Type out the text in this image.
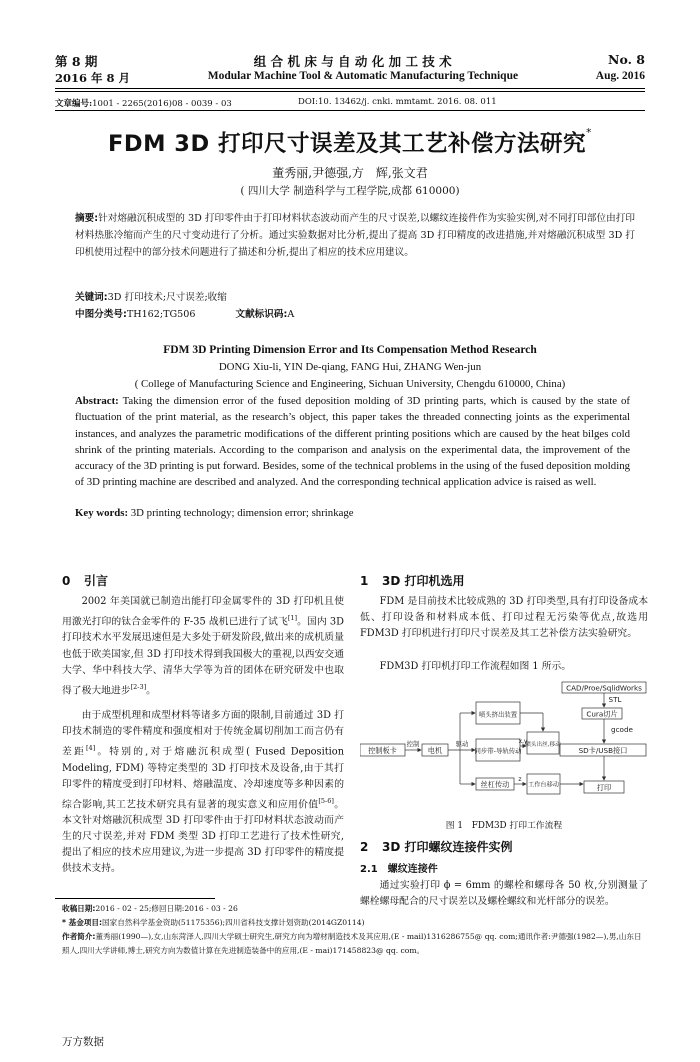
第 8 期	组 合 机 床 与 自 动 化 加 工 技 术	No. 8
2016 年 8 月	Modular Machine Tool & Automatic Manufacturing Technique	Aug. 2016
文章编号:1001 - 2265(2016)08 - 0039 - 03	DOI:10. 13462/j. cnki. mmtamt. 2016. 08. 011
FDM 3D 打印尺寸误差及其工艺补偿方法研究*
董秀丽,尹德强,方　辉,张文君
( 四川大学 制造科学与工程学院,成都 610000)
摘要:针对熔融沉积成型的 3D 打印零件由于打印材料状态波动而产生的尺寸误差,以螺纹连接件作为实验实例,对不同打印部位由打印材料热胀冷缩而产生的尺寸变动进行了分析。通过实验数据对比分析,提出了提高 3D 打印精度的改进措施,并对熔融沉积成型 3D 打印机使用过程中的部分技术问题进行了描述和分析,提出了相应的技术应用建议。
关键词:3D 打印技术;尺寸误差;收缩
中图分类号:TH162;TG506	文献标识码:A
FDM 3D Printing Dimension Error and Its Compensation Method Research
DONG Xiu-li, YIN De-qiang, FANG Hui, ZHANG Wen-jun
( College of Manufacturing Science and Engineering, Sichuan University, Chengdu 610000, China)
Abstract: Taking the dimension error of the fused deposition molding of 3D printing parts, which is caused by the state of fluctuation of the print material, as the research’s object, this paper takes the threaded connecting joints as the experimental instances, and analyzes the parametric modifications of the different printing positions which are caused by the heat bilges cold shrink of the printing materials. According to the comparison and analysis on the experimental data, the improvement of the accuracy of the 3D printing is put forward. Besides, some of the technical problems in the using of the fused deposition molding of 3D printing machine are described and analyzed. And the corresponding technical application advice is raised as well.
Key words: 3D printing technology; dimension error; shrinkage
0 引言
2002 年美国就已制造出能打印金属零件的 3D 打印机且使用激光打印的钛合金零件的 F-35 战机已进行了试飞[1]。国内 3D 打印技术水平发展迅速但是大多处于研发阶段,做出来的成机质量也低于欧美国家,但 3D 打印技术得到我国极大的重视,以西安交通大学、华中科技大学、清华大学等为首的团体在研究研发中也取得了极大地进步[2-3]。
由于成型机理和成型材料等诸多方面的限制,目前通过 3D 打印技术制造的零件精度和强度相对于传统金属切削加工而言仍有差距[4]。特别的,对于熔融沉积成型( Fused Deposition Modeling, FDM) 等特定类型的 3D 打印技术及设备,由于其打印零件的精度受到打印材料、熔融温度、冷却速度等多种因素的综合影响,其工艺技术研究具有显著的现实意义和应用价值[5-6]。本文针对熔融沉积成型 3D 打印零件由于打印材料状态波动而产生的尺寸误差,并对 FDM 类型 3D 打印工艺进行了技术性研究,提出了相应的技术应用建议,为进一步提高 3D 打印零件的精度提供技术支持。
1 3D 打印机选用
FDM 是目前技术比较成熟的 3D 打印类型,具有打印设备成本低、打印设备和材料成本低、打印过程无污染等优点,故选用 FDM3D 打印机进行打印尺寸误差及其工艺补偿方法实验研究。
FDM3D 打印机打印工作流程如图 1 所示。
CAD/Proe/SqlidWorks
STL
Cura切片
gcode
SD卡/USB接口
打印
控制板卡
控制
电机
驱动
喷头挤出装置
同步带-导轨传动
x,y
喷头出丝,移动
丝杠传动
z
工作台移动
图 1　FDM3D 打印工作流程
2 3D 打印螺纹连接件实例
2.1　螺纹连接件
通过实验打印 ϕ = 6mm 的螺栓和螺母各 50 枚,分别测量了螺栓螺母配合的尺寸误差以及螺栓螺纹和光杆部分的误差。
收稿日期:2016 - 02 - 25;修回日期:2016 - 03 - 26
* 基金项目:国家自然科学基金资助(51175356);四川省科技支撑计划资助(2014GZ0114)
作者简介:董秀丽(1990—),女,山东菏泽人,四川大学硕士研究生,研究方向为增材制造技术及其应用,(E - mail)1316286755@ qq. com;通讯作者:尹德强(1982—),男,山东日照人,四川大学讲师,博士,研究方向为数值计算在先进制造装备中的应用,(E - mai)171458823@ qq. com。
万方数据
